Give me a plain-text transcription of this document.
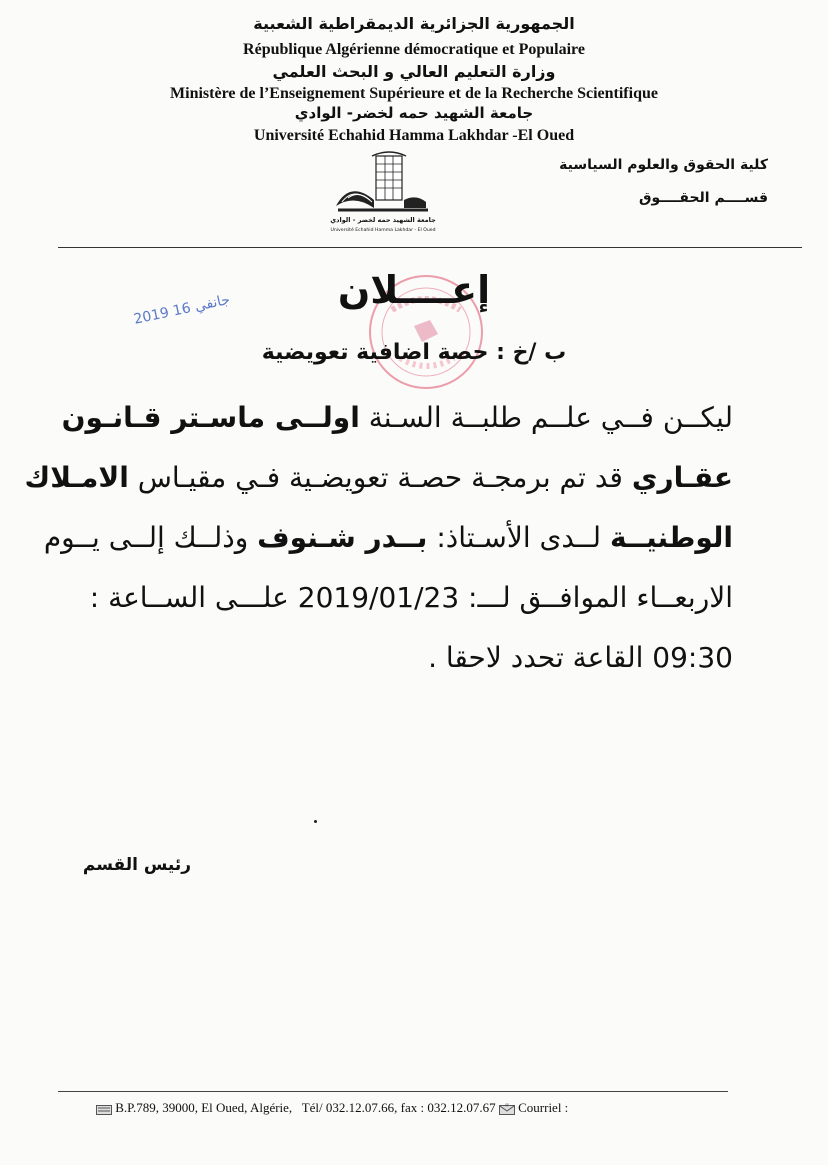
الجمهورية الجزائرية الديمقراطية الشعبية
République Algérienne démocratique et Populaire
وزارة التعليم العالي و البحث العلمي
Ministère de l’Enseignement Supérieure et de la Recherche Scientifique
جامعة الشهيد حمه لخضر- الوادي
Université Echahid Hamma Lakhdar -El Oued
كلية الحقوق والعلوم السياسية
قســــم الحقــــوق
جامعة الشهيد حمه لخضر - الوادي
Université Echahid Hamma Lakhdar - El Oued
2019 جانفي 16	إعــــلان
ب /خ : حصة اضافية تعويضية
ليكــن فــي علــم طلبــة السـنة اولــى ماسـتر قـانـون
عقـاري قد تم برمجـة حصـة تعويضـية فـي مقيـاس الامـلاك
الوطنيــة لــدى الأسـتاذ: بــدر شـنوف وذلــك إلــى يــوم
الاربعــاء الموافــق لـــ: 2019/01/23 علـــى الســاعة :
09:30 القاعة تحدد لاحقا .
رئيس القسم
B.P.789, 39000, El Oued, Algérie, Tél/ 032.12.07.66, fax : 032.12.07.67 @ Courriel :
